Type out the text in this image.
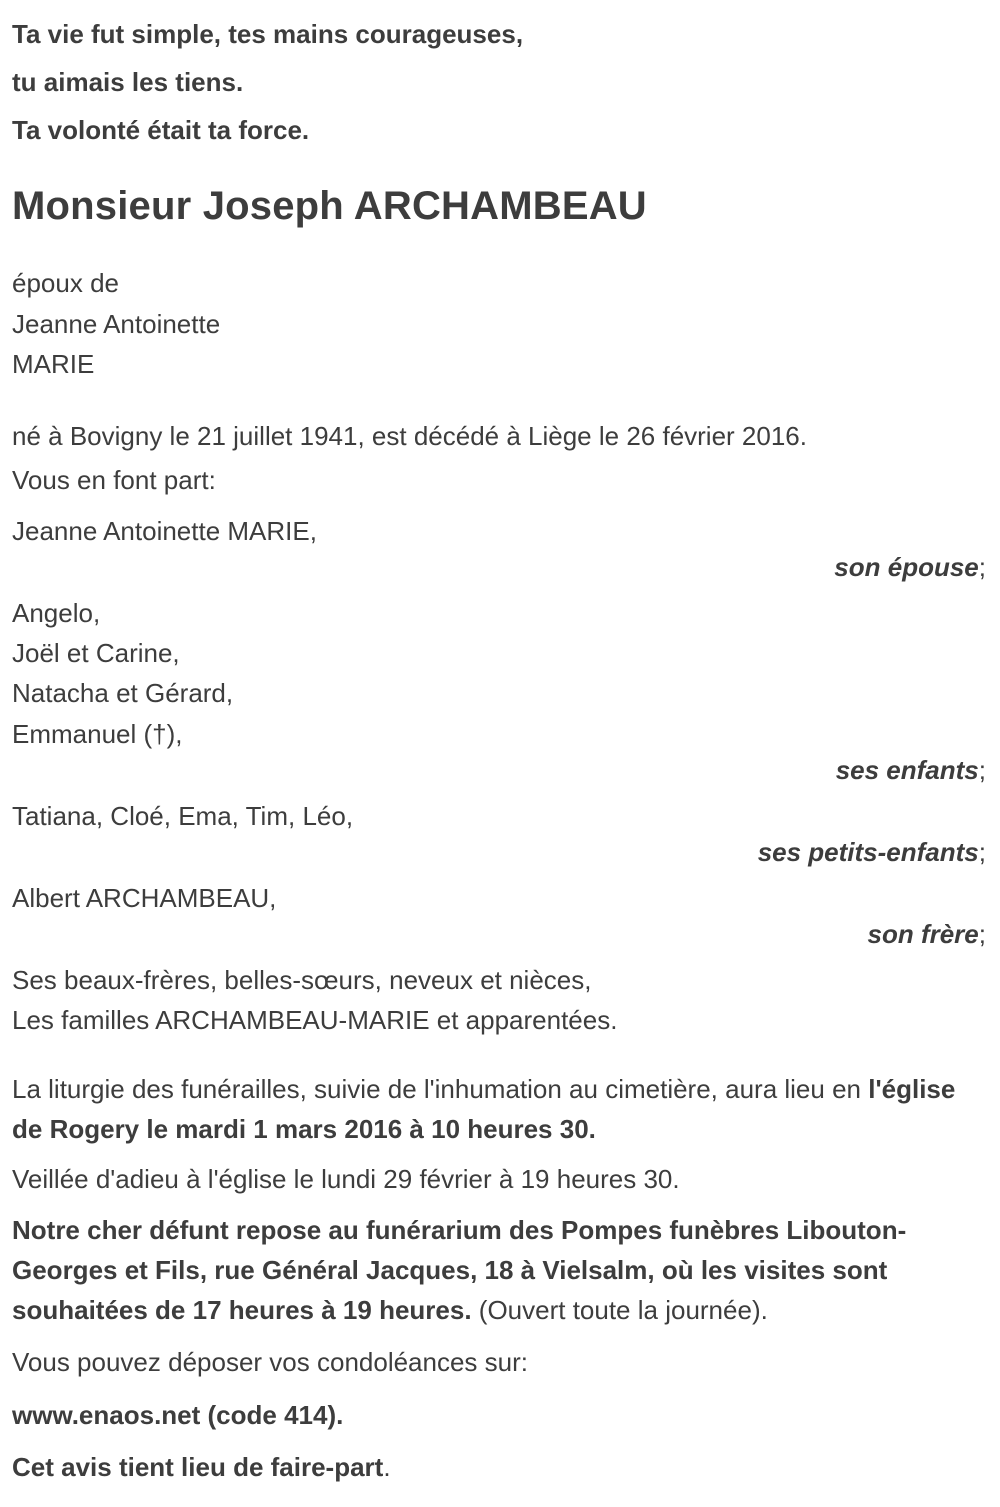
Ta vie fut simple, tes mains courageuses,

tu aimais les tiens.

Ta volonté était ta force.

Monsieur Joseph ARCHAMBEAU

époux de

Jeanne Antoinette

MARIE

né à Bovigny le 21 juillet 1941, est décédé à Liège le 26 février 2016.

Vous en font part:

Jeanne Antoinette MARIE,

son épouse;

Angelo,

Joël et Carine,

Natacha et Gérard,

Emmanuel (†),

ses enfants;

Tatiana, Cloé, Ema, Tim, Léo,

ses petits-enfants;

Albert ARCHAMBEAU,

son frère;

Ses beaux-frères, belles-sœurs, neveux et nièces,

Les familles ARCHAMBEAU-MARIE et apparentées.

La liturgie des funérailles, suivie de l'inhumation au cimetière, aura lieu en l'église de Rogery le mardi 1 mars 2016 à 10 heures 30.

Veillée d'adieu à l'église le lundi 29 février à 19 heures 30.

Notre cher défunt repose au funérarium des Pompes funèbres Libouton-Georges et Fils, rue Général Jacques, 18 à Vielsalm, où les visites sont souhaitées de 17 heures à 19 heures. (Ouvert toute la journée).

Vous pouvez déposer vos condoléances sur:

www.enaos.net (code 414).

Cet avis tient lieu de faire-part.
